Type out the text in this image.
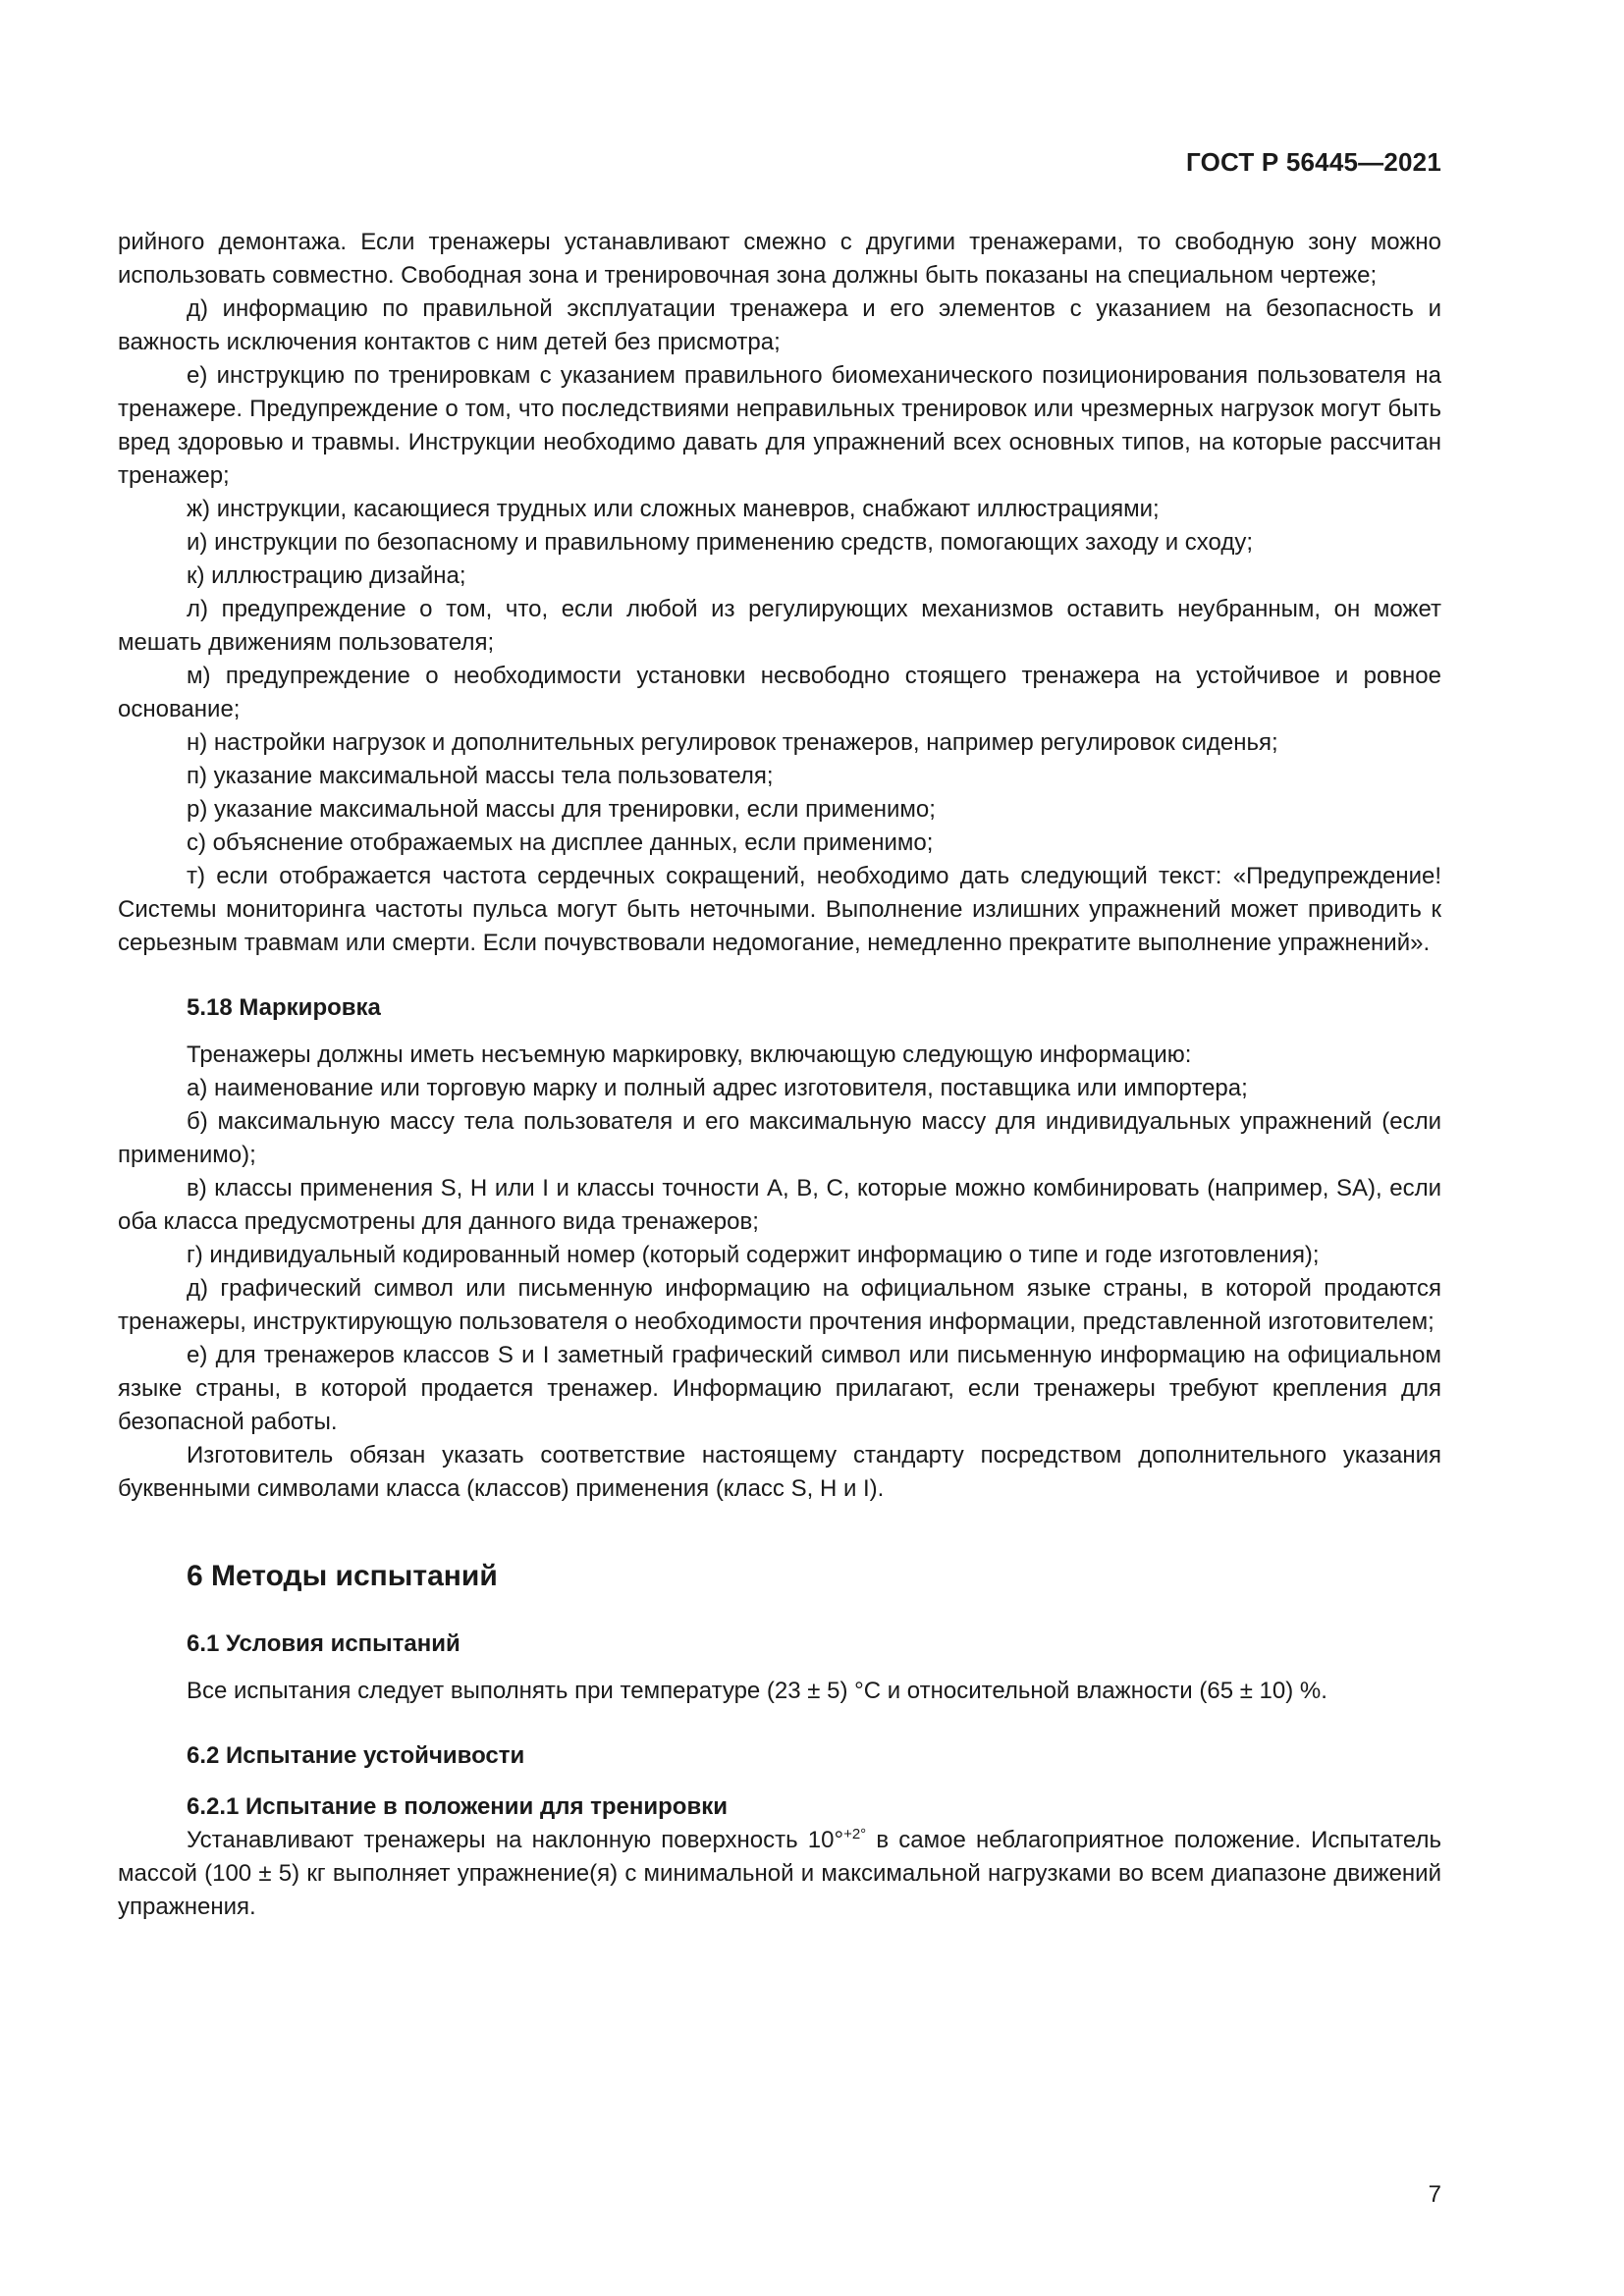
ГОСТ Р 56445—2021

рийного демонтажа. Если тренажеры устанавливают смежно с другими тренажерами, то свободную зону можно использовать совместно. Свободная зона и тренировочная зона должны быть показаны на специальном чертеже;

д) информацию по правильной эксплуатации тренажера и его элементов с указанием на безопасность и важность исключения контактов с ним детей без присмотра;

е) инструкцию по тренировкам с указанием правильного биомеханического позиционирования пользователя на тренажере. Предупреждение о том, что последствиями неправильных тренировок или чрезмерных нагрузок могут быть вред здоровью и травмы. Инструкции необходимо давать для упражнений всех основных типов, на которые рассчитан тренажер;

ж) инструкции, касающиеся трудных или сложных маневров, снабжают иллюстрациями;

и) инструкции по безопасному и правильному применению средств, помогающих заходу и сходу;

к) иллюстрацию дизайна;

л) предупреждение о том, что, если любой из регулирующих механизмов оставить неубранным, он может мешать движениям пользователя;

м) предупреждение о необходимости установки несвободно стоящего тренажера на устойчивое и ровное основание;

н) настройки нагрузок и дополнительных регулировок тренажеров, например регулировок сиденья;

п) указание максимальной массы тела пользователя;

р) указание максимальной массы для тренировки, если применимо;

с) объяснение отображаемых на дисплее данных, если применимо;

т) если отображается частота сердечных сокращений, необходимо дать следующий текст: «Предупреждение! Системы мониторинга частоты пульса могут быть неточными. Выполнение излишних упражнений может приводить к серьезным травмам или смерти. Если почувствовали недомогание, немедленно прекратите выполнение упражнений».

5.18 Маркировка

Тренажеры должны иметь несъемную маркировку, включающую следующую информацию:

а) наименование или торговую марку и полный адрес изготовителя, поставщика или импортера;

б) максимальную массу тела пользователя и его максимальную массу для индивидуальных упражнений (если применимо);

в) классы применения S, H или I и классы точности A, B, C, которые можно комбинировать (например, SA), если оба класса предусмотрены для данного вида тренажеров;

г) индивидуальный кодированный номер (который содержит информацию о типе и годе изготовления);

д) графический символ или письменную информацию на официальном языке страны, в которой продаются тренажеры, инструктирующую пользователя о необходимости прочтения информации, представленной изготовителем;

е) для тренажеров классов S и I заметный графический символ или письменную информацию на официальном языке страны, в которой продается тренажер. Информацию прилагают, если тренажеры требуют крепления для безопасной работы.

Изготовитель обязан указать соответствие настоящему стандарту посредством дополнительного указания буквенными символами класса (классов) применения (класс S, H и I).

6 Методы испытаний

6.1 Условия испытаний

Все испытания следует выполнять при температуре (23 ± 5) °С и относительной влажности (65 ± 10) %.

6.2 Испытание устойчивости

6.2.1 Испытание в положении для тренировки

Устанавливают тренажеры на наклонную поверхность 10°$^{+2^\circ}$ в самое неблагоприятное положение. Испытатель массой (100 ± 5) кг выполняет упражнение(я) с минимальной и максимальной нагрузками во всем диапазоне движений упражнения.

7
